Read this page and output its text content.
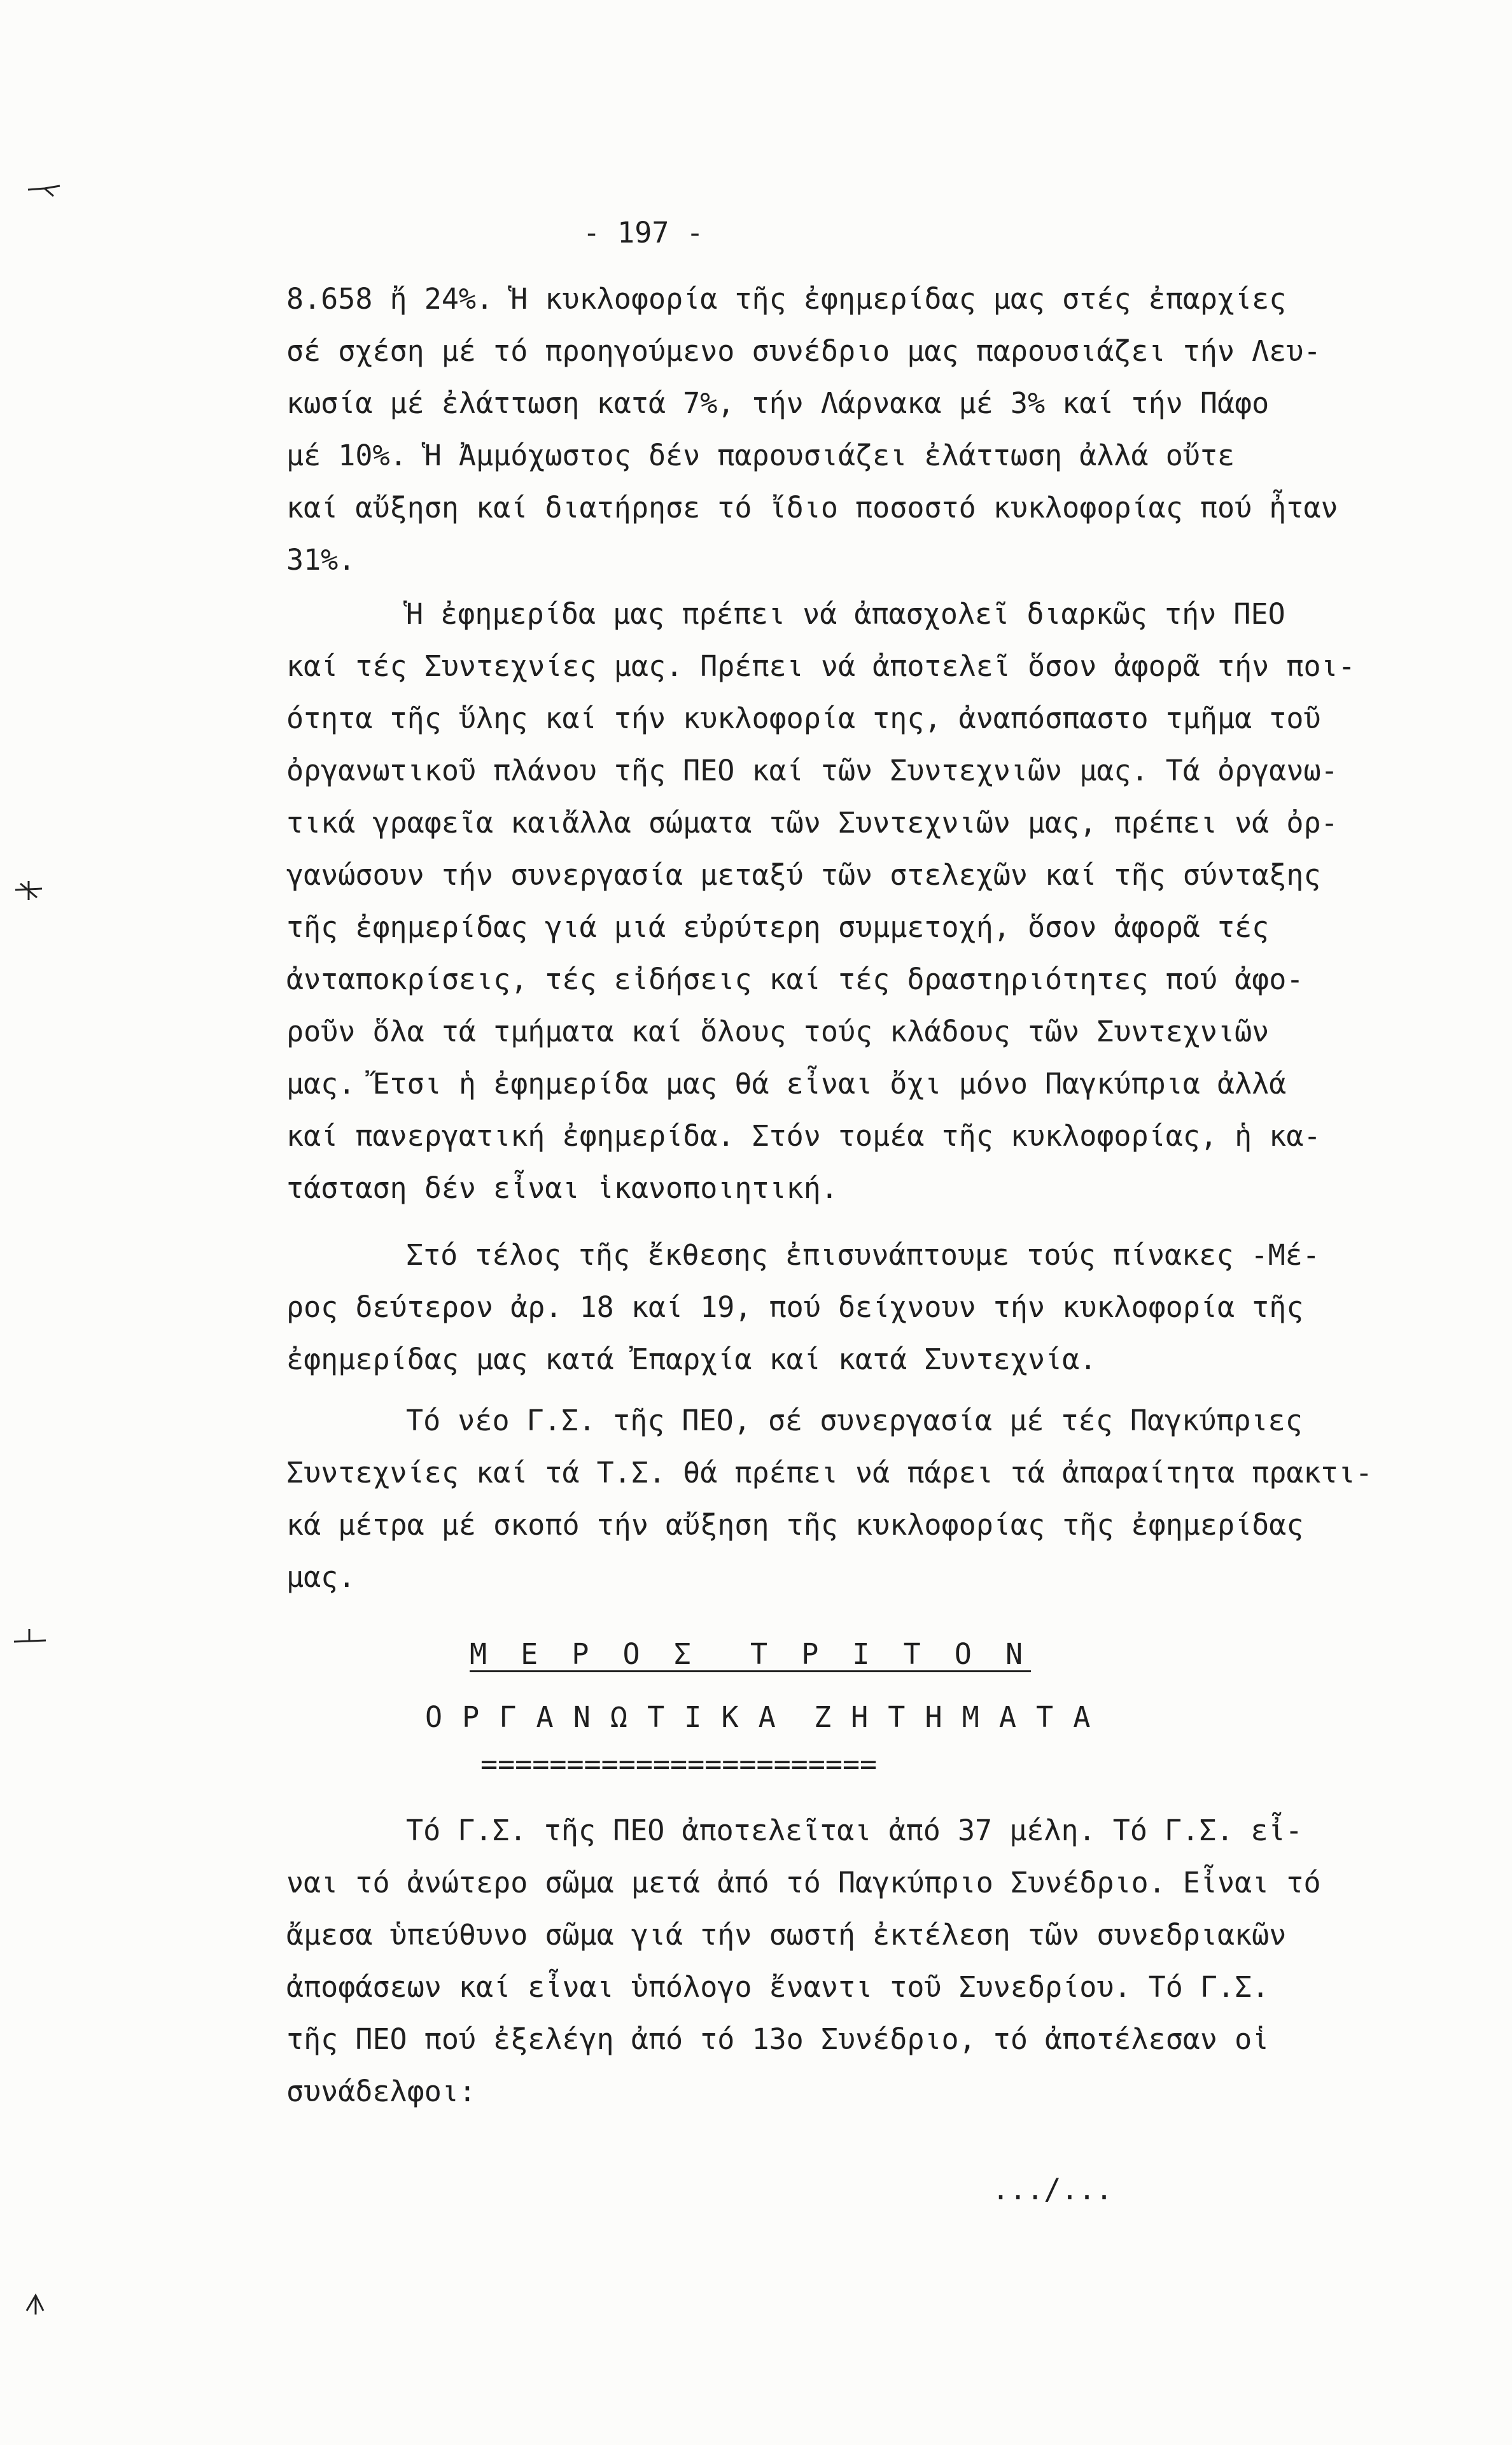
- 197 -
8.658 ἤ 24%. Ἡ κυκλοφορία τῆς ἐφημερίδας μας στές ἐπαρχίες
σέ σχέση μέ τό προηγούμενο συνέδριο μας παρουσιάζει τήν Λευ-
κωσία μέ ἐλάττωση κατά 7%, τήν Λάρνακα μέ 3% καί τήν Πάφο
μέ 10%. Ἡ Ἀμμόχωστος δέν παρουσιάζει ἐλάττωση ἀλλά οὔτε
καί αὔξηση καί διατήρησε τό ἴδιο ποσοστό κυκλοφορίας πού ἦταν
31%.
Ἡ ἐφημερίδα μας πρέπει νά ἀπασχολεῖ διαρκῶς τήν ΠΕΟ
καί τές Συντεχνίες μας. Πρέπει νά ἀποτελεῖ ὅσον ἀφορᾶ τήν ποι-
ότητα τῆς ὕλης καί τήν κυκλοφορία της, ἀναπόσπαστο τμῆμα τοῦ
ὀργανωτικοῦ πλάνου τῆς ΠΕΟ καί τῶν Συντεχνιῶν μας. Τά ὀργανω-
τικά γραφεῖα καιἄλλα σώματα τῶν Συντεχνιῶν μας, πρέπει νά ὀρ-
γανώσουν τήν συνεργασία μεταξύ τῶν στελεχῶν καί τῆς σύνταξης
τῆς ἐφημερίδας γιά μιά εὐρύτερη συμμετοχή, ὅσον ἀφορᾶ τές
ἀνταποκρίσεις, τές εἰδήσεις καί τές δραστηριότητες πού ἀφο-
ροῦν ὅλα τά τμήματα καί ὅλους τούς κλάδους τῶν Συντεχνιῶν
μας. Ἔτσι ἡ ἐφημερίδα μας θά εἶναι ὄχι μόνο Παγκύπρια ἀλλά
καί πανεργατική ἐφημερίδα. Στόν τομέα τῆς κυκλοφορίας, ἡ κα-
τάσταση δέν εἶναι ἱκανοποιητική.
Στό τέλος τῆς ἔκθεσης ἐπισυνάπτουμε τούς πίνακες -Μέ-
ρος δεύτερον ἀρ. 18 καί 19, πού δείχνουν τήν κυκλοφορία τῆς
ἐφημερίδας μας κατά Ἐπαρχία καί κατά Συντεχνία.
Τό νέο Γ.Σ. τῆς ΠΕΟ, σέ συνεργασία μέ τές Παγκύπριες
Συντεχνίες καί τά Τ.Σ. θά πρέπει νά πάρει τά ἀπαραίτητα πρακτι-
κά μέτρα μέ σκοπό τήν αὔξηση τῆς κυκλοφορίας τῆς ἐφημερίδας
μας.
Μ Ε Ρ Ο Σ  Τ Ρ Ι Τ Ο Ν
Ο Ρ Γ Α Ν Ω Τ Ι Κ Α  Ζ Η Τ Η Μ Α Τ Α
=======================
Τό Γ.Σ. τῆς ΠΕΟ ἀποτελεῖται ἀπό 37 μέλη. Τό Γ.Σ. εἶ-
ναι τό ἀνώτερο σῶμα μετά ἀπό τό Παγκύπριο Συνέδριο. Εἶναι τό
ἄμεσα ὑπεύθυνο σῶμα γιά τήν σωστή ἐκτέλεση τῶν συνεδριακῶν
ἀποφάσεων καί εἶναι ὑπόλογο ἔναντι τοῦ Συνεδρίου. Τό Γ.Σ.
τῆς ΠΕΟ πού ἐξελέγη ἀπό τό 13ο Συνέδριο, τό ἀποτέλεσαν οἱ
συνάδελφοι:
.../...
